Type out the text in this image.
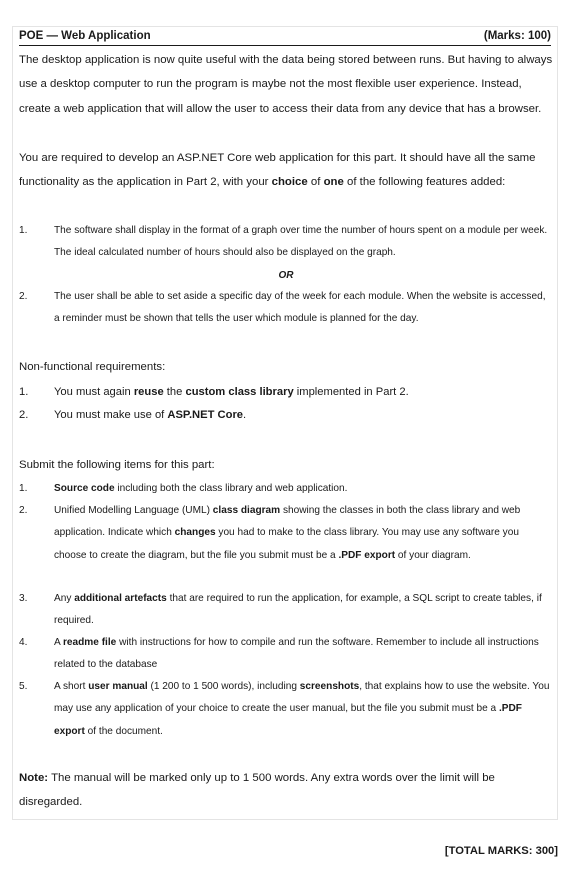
POE — Web Application	(Marks: 100)
The desktop application is now quite useful with the data being stored between runs. But having to always use a desktop computer to run the program is maybe not the most flexible user experience. Instead, create a web application that will allow the user to access their data from any device that has a browser.
You are required to develop an ASP.NET Core web application for this part. It should have all the same functionality as the application in Part 2, with your choice of one of the following features added:
1.	The software shall display in the format of a graph over time the number of hours spent on a module per week. The ideal calculated number of hours should also be displayed on the graph.
OR
2.	The user shall be able to set aside a specific day of the week for each module. When the website is accessed, a reminder must be shown that tells the user which module is planned for the day.
Non-functional requirements:
1. You must again reuse the custom class library implemented in Part 2.
2. You must make use of ASP.NET Core.
Submit the following items for this part:
1.	Source code including both the class library and web application.
2.	Unified Modelling Language (UML) class diagram showing the classes in both the class library and web application. Indicate which changes you had to make to the class library. You may use any software you choose to create the diagram, but the file you submit must be a .PDF export of your diagram.
3.	Any additional artefacts that are required to run the application, for example, a SQL script to create tables, if required.
4.	A readme file with instructions for how to compile and run the software. Remember to include all instructions related to the database
5.	A short user manual (1 200 to 1 500 words), including screenshots, that explains how to use the website. You may use any application of your choice to create the user manual, but the file you submit must be a .PDF export of the document.
Note: The manual will be marked only up to 1 500 words. Any extra words over the limit will be disregarded.
[TOTAL MARKS: 300]
